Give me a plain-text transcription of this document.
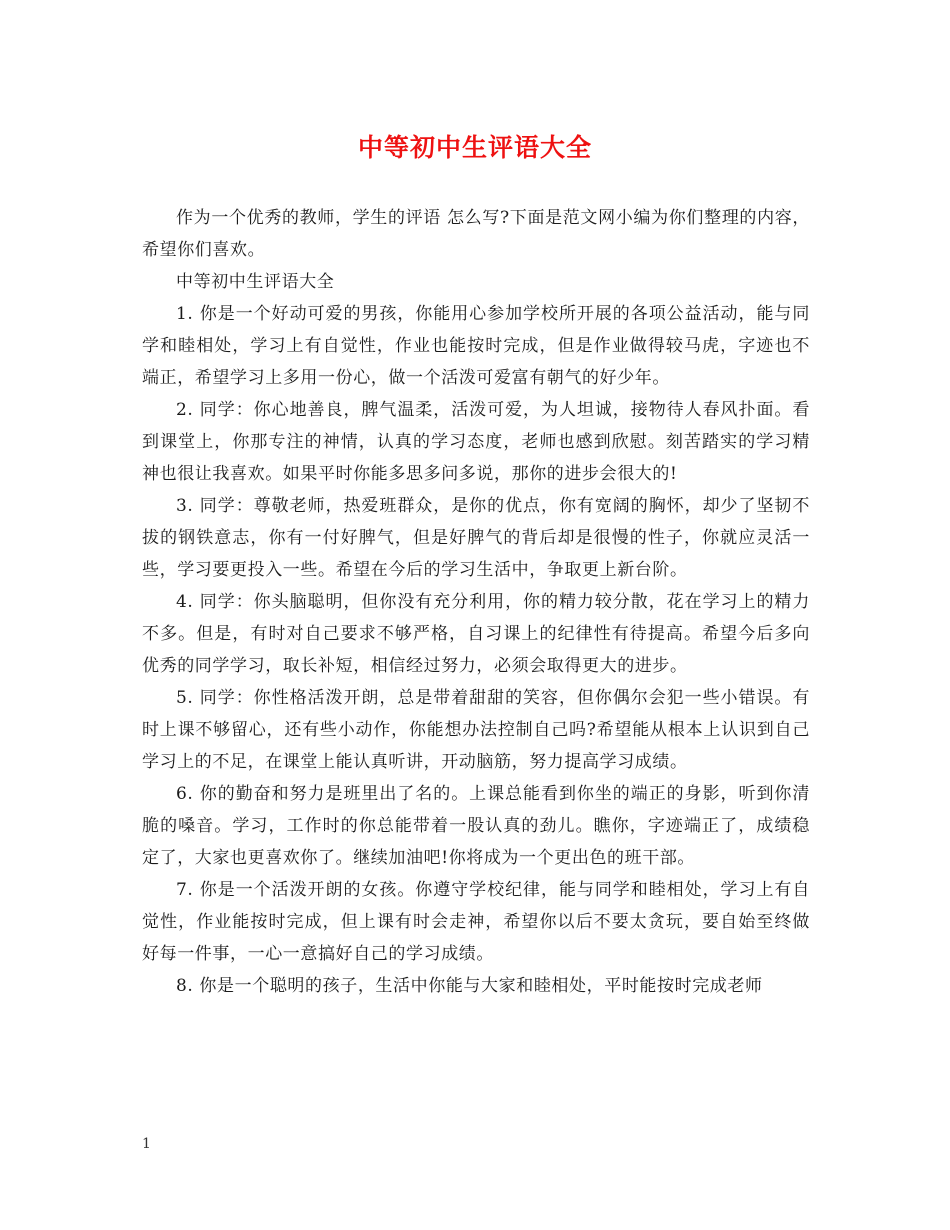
中等初中生评语大全

作为一个优秀的教师，学生的评语 怎么写?下面是范文网小编为你们整理的内容，希望你们喜欢。

中等初中生评语大全

1. 你是一个好动可爱的男孩，你能用心参加学校所开展的各项公益活动，能与同学和睦相处，学习上有自觉性，作业也能按时完成，但是作业做得较马虎，字迹也不端正，希望学习上多用一份心，做一个活泼可爱富有朝气的好少年。

2. 同学：你心地善良，脾气温柔，活泼可爱，为人坦诚，接物待人春风扑面。看到课堂上，你那专注的神情，认真的学习态度，老师也感到欣慰。刻苦踏实的学习精神也很让我喜欢。如果平时你能多思多问多说，那你的进步会很大的!

3. 同学：尊敬老师，热爱班群众，是你的优点，你有宽阔的胸怀，却少了坚韧不拔的钢铁意志，你有一付好脾气，但是好脾气的背后却是很慢的性子，你就应灵活一些，学习要更投入一些。希望在今后的学习生活中，争取更上新台阶。

4. 同学：你头脑聪明，但你没有充分利用，你的精力较分散，花在学习上的精力不多。但是，有时对自己要求不够严格，自习课上的纪律性有待提高。希望今后多向优秀的同学学习，取长补短，相信经过努力，必须会取得更大的进步。

5. 同学：你性格活泼开朗，总是带着甜甜的笑容，但你偶尔会犯一些小错误。有时上课不够留心，还有些小动作，你能想办法控制自己吗?希望能从根本上认识到自己学习上的不足，在课堂上能认真听讲，开动脑筋，努力提高学习成绩。

6. 你的勤奋和努力是班里出了名的。上课总能看到你坐的端正的身影，听到你清脆的嗓音。学习，工作时的你总能带着一股认真的劲儿。瞧你，字迹端正了，成绩稳定了，大家也更喜欢你了。继续加油吧!你将成为一个更出色的班干部。

7. 你是一个活泼开朗的女孩。你遵守学校纪律，能与同学和睦相处，学习上有自觉性，作业能按时完成，但上课有时会走神，希望你以后不要太贪玩，要自始至终做好每一件事，一心一意搞好自己的学习成绩。

8. 你是一个聪明的孩子，生活中你能与大家和睦相处，平时能按时完成老师

1
